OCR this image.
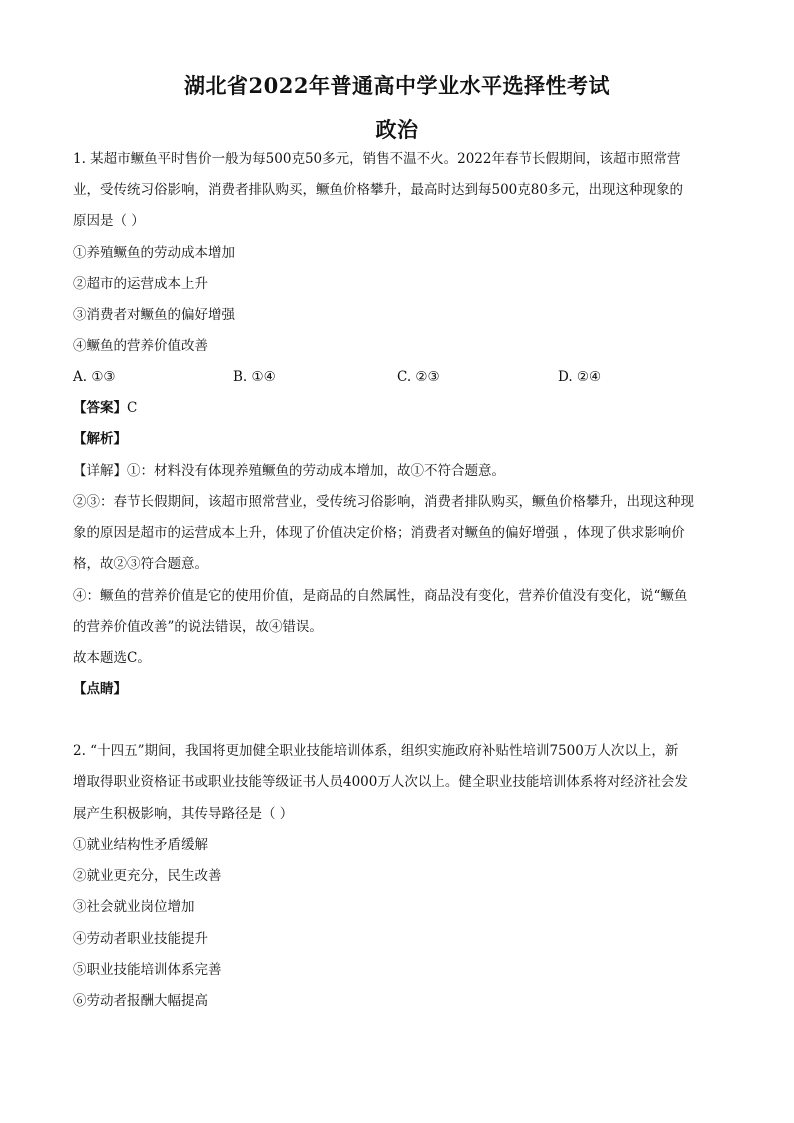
湖北省2022年普通高中学业水平选择性考试
政治
1. 某超市鳜鱼平时售价一般为每500克50多元，销售不温不火。2022年春节长假期间，该超市照常营
业，受传统习俗影响，消费者排队购买，鳜鱼价格攀升，最高时达到每500克80多元，出现这种现象的
原因是（ ）
①养殖鳜鱼的劳动成本增加
②超市的运营成本上升
③消费者对鳜鱼的偏好增强
④鳜鱼的营养价值改善
A. ①③	B. ①④	C. ②③	D. ②④
【答案】C
【解析】
【详解】①：材料没有体现养殖鳜鱼的劳动成本增加，故①不符合题意。
②③：春节长假期间，该超市照常营业，受传统习俗影响，消费者排队购买，鳜鱼价格攀升，出现这种现
象的原因是超市的运营成本上升，体现了价值决定价格；消费者对鳜鱼的偏好增强 ，体现了供求影响价
格，故②③符合题意。
④：鳜鱼的营养价值是它的使用价值，是商品的自然属性，商品没有变化，营养价值没有变化，说“鳜鱼
的营养价值改善”的说法错误，故④错误。
故本题选C。
【点睛】
2. “十四五”期间，我国将更加健全职业技能培训体系，组织实施政府补贴性培训7500万人次以上，新
增取得职业资格证书或职业技能等级证书人员4000万人次以上。健全职业技能培训体系将对经济社会发
展产生积极影响，其传导路径是（ ）
①就业结构性矛盾缓解
②就业更充分，民生改善
③社会就业岗位增加
④劳动者职业技能提升
⑤职业技能培训体系完善
⑥劳动者报酬大幅提高
